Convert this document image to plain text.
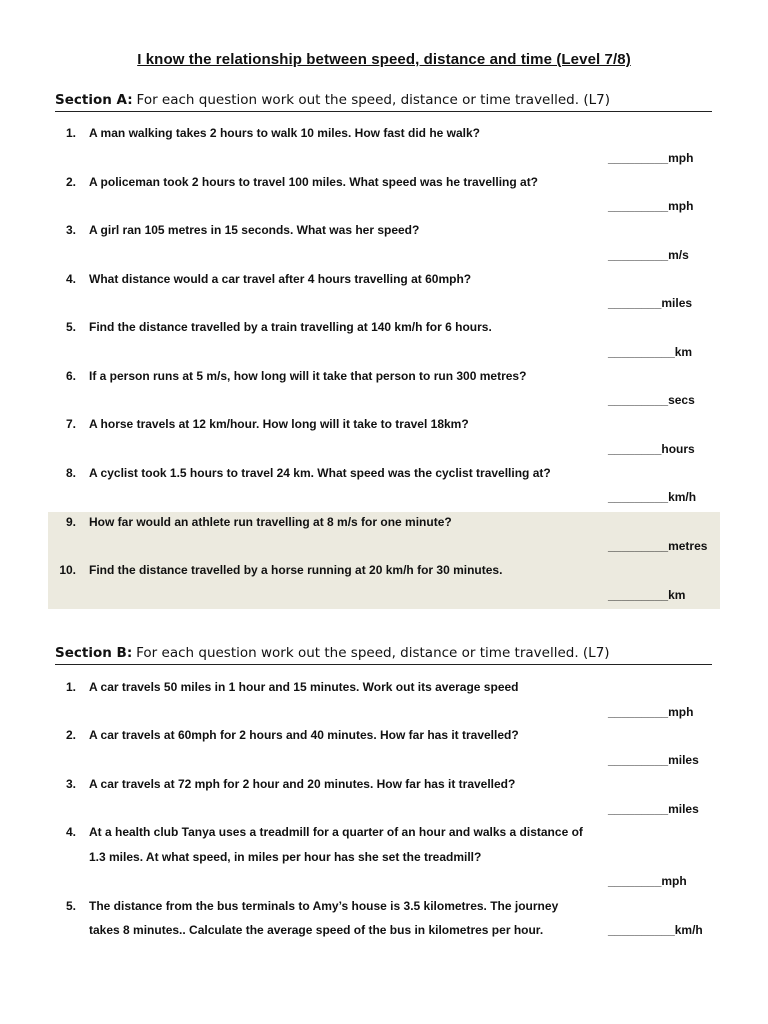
I know the relationship between speed, distance and time (Level 7/8)
Section A: For each question work out the speed, distance or time travelled. (L7)
1. A man walking takes 2 hours to walk 10 miles. How fast did he walk?
_________mph
2. A policeman took 2 hours to travel 100 miles. What speed was he travelling at?
_________mph
3. A girl ran 105 metres in 15 seconds. What was her speed?
_________m/s
4. What distance would a car travel after 4 hours travelling at 60mph?
________miles
5. Find the distance travelled by a train travelling at 140 km/h for 6 hours.
__________km
6. If a person runs at 5 m/s, how long will it take that person to run 300 metres?
_________secs
7. A horse travels at 12 km/hour. How long will it take to travel 18km?
________hours
8. A cyclist took 1.5 hours to travel 24 km. What speed was the cyclist travelling at?
_________km/h
9. How far would an athlete run travelling at 8 m/s for one minute?
_________metres
10. Find the distance travelled by a horse running at 20 km/h for 30 minutes.
_________km
Section B: For each question work out the speed, distance or time travelled. (L7)
1. A car travels 50 miles in 1 hour and 15 minutes. Work out its average speed
_________mph
2. A car travels at 60mph for 2 hours and 40 minutes. How far has it travelled?
_________miles
3. A car travels at 72 mph for 2 hour and 20 minutes. How far has it travelled?
_________miles
4. At a health club Tanya uses a treadmill for a quarter of an hour and walks a distance of
1.3 miles. At what speed, in miles per hour has she set the treadmill?
________mph
5. The distance from the bus terminals to Amy’s house is 3.5 kilometres. The journey
takes 8 minutes.. Calculate the average speed of the bus in kilometres per hour.	__________km/h
